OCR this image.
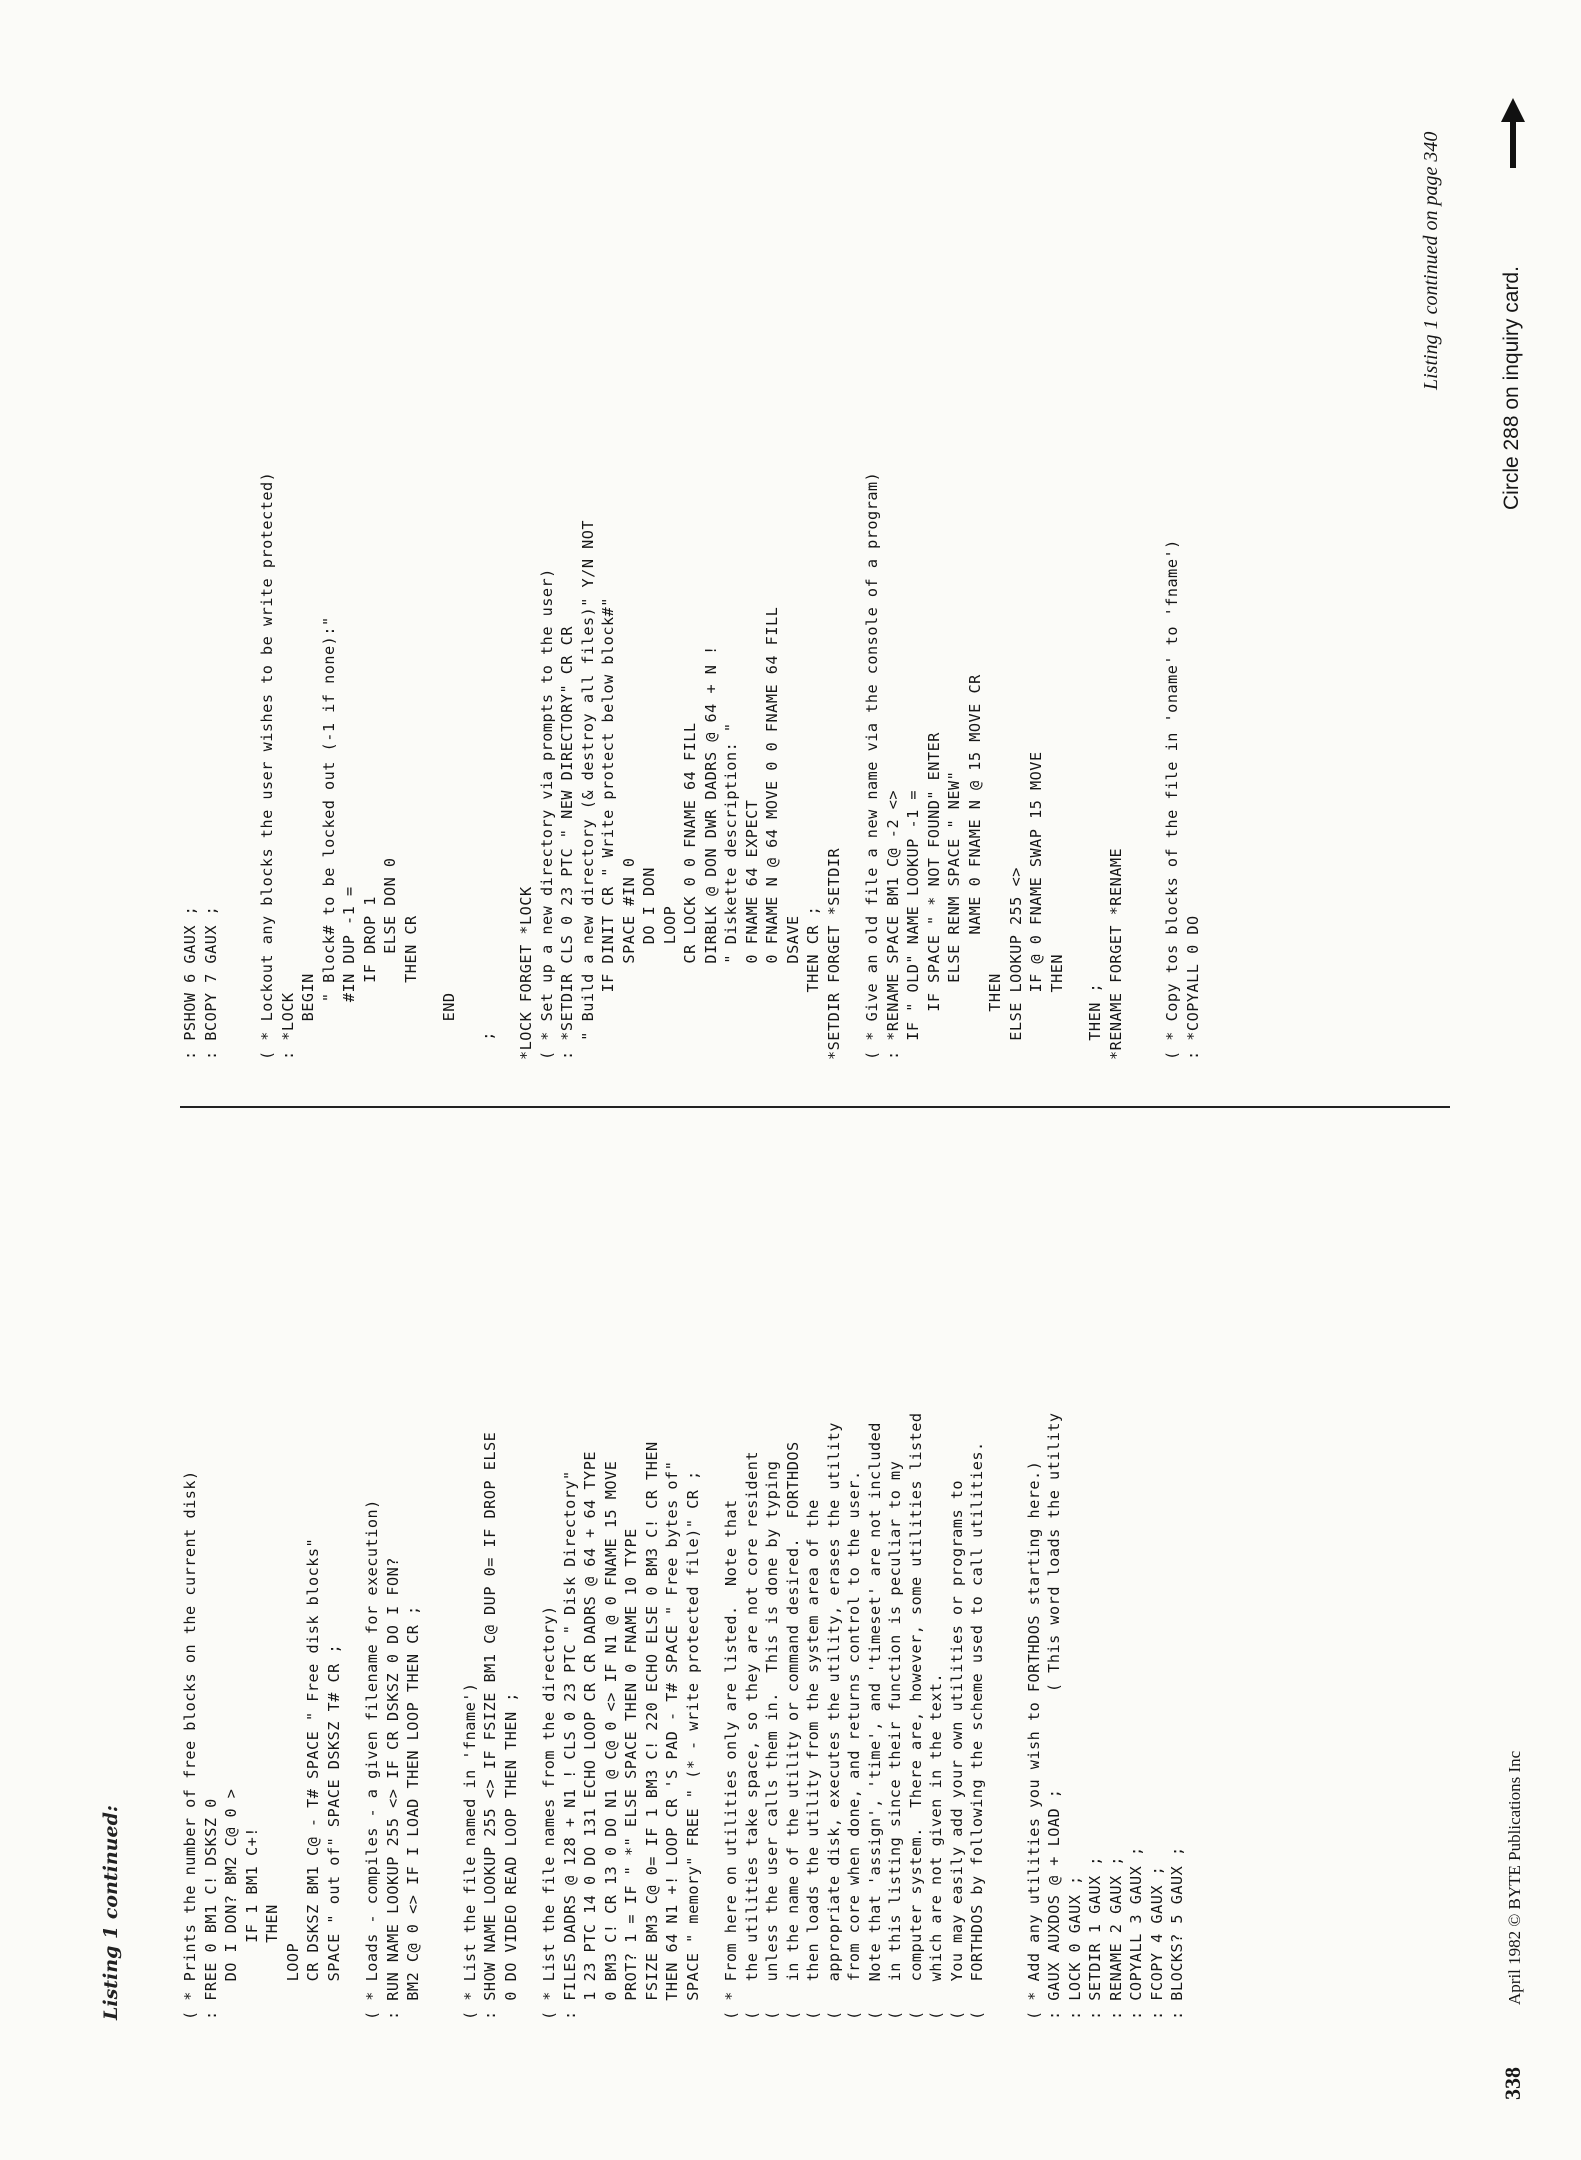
Listing 1 continued:	( * Prints the number of free blocks on the current disk) : FREE 0 BM1 C! DSKSZ 0 DO I DON? BM2 C@ 0 > IF 1 BM1 C+! THEN LOOP CR DSKSZ BM1 C@ - T# SPACE " Free disk blocks" SPACE " out of" SPACE DSKSZ T# CR ; ( * Loads - compiles - a given filename for execution) : RUN NAME LOOKUP 255 <> IF CR DSKSZ 0 DO I FON? BM2 C@ 0 <> IF I LOAD THEN LOOP THEN CR ;	( * List the file named in 'fname') : SHOW NAME LOOKUP 255 <> IF FSIZE BM1 C@ DUP 0= IF DROP ELSE 0 DO VIDEO READ LOOP THEN THEN ; ( * List the file names from the directory) : FILES DADRS @ 128 + N1 ! CLS 0 23 PTC " Disk Directory" 1 23 PTC 14 0 DO 131 ECHO LOOP CR CR DADRS @ 64 + 64 TYPE 0 BM3 C! CR 13 0 DO N1 @ C@ 0 <> IF N1 @ 0 FNAME 15 MOVE PROT? 1 = IF " *" ELSE SPACE THEN 0 FNAME 10 TYPE FSIZE BM3 C@ 0= IF 1 BM3 C! 220 ECHO ELSE 0 BM3 C! CR THEN THEN 64 N1 +! LOOP CR 'S PAD - T# SPACE " Free bytes of" SPACE " memory" FREE " (* - write protected file)" CR ; ( * From here on utilities only are listed.  Note that (   the utilities take space, so they are not core resident (   unless the user calls them in.  This is done by typing (   in the name of the utility or command desired.  FORTHDOS (   then loads the utility from the system area of the (   appropriate disk, executes the utility, erases the utility (   from core when done, and returns control to the user. (   Note that 'assign', 'time', and 'timeset' are not included (   in this listing since their function is peculiar to my (   computer system.  There are, however, some utilities listed (   which are not given in the text. (   You may easily add your own utilities or programs to (   FORTHDOS by following the scheme used to call utilities.	( * Add any utilities you wish to FORTHDOS starting here.) : GAUX AUXDOS @ + LOAD ;          ( This word loads the utility : LOCK 0 GAUX ; : SETDIR 1 GAUX ; : RENAME 2 GAUX ; : COPYALL 3 GAUX ; : FCOPY 4 GAUX ; : BLOCKS? 5 GAUX ;
: PSHOW 6 GAUX ; : BCOPY 7 GAUX ;	( * Lockout any blocks the user wishes to be write protected) : *LOCK BEGIN " Block# to be locked out (-1 if none):" #IN DUP -1 = IF DROP 1 ELSE DON 0 THEN CR END ; *LOCK FORGET *LOCK ( * Set up a new directory via prompts to the user) : *SETDIR CLS 0 23 PTC " NEW DIRECTORY" CR CR " Build a new directory (& destroy all files)" Y/N NOT IF DINIT CR " Write protect below block#" SPACE #IN 0 DO I DON LOOP CR LOCK 0 0 FNAME 64 FILL DIRBLK @ DON DWR DADRS @ 64 + N ! " Diskette description: " 0 FNAME 64 EXPECT 0 FNAME N @ 64 MOVE 0 0 FNAME 64 FILL DSAVE THEN CR ; *SETDIR FORGET *SETDIR ( * Give an old file a new name via the console of a program) : *RENAME SPACE BM1 C@ -2 <> IF " OLD" NAME LOOKUP -1 = IF SPACE " * NOT FOUND" ENTER ELSE RENM SPACE " NEW" NAME 0 FNAME N @ 15 MOVE CR THEN ELSE LOOKUP 255 <> IF @ 0 FNAME SWAP 15 MOVE THEN THEN ; *RENAME FORGET *RENAME	( * Copy tos blocks of the file in 'oname' to 'fname') : *COPYALL 0 DO
338
April 1982 © BYTE Publications Inc
Listing 1 continued on page 340	Circle 288 on inquiry card.
